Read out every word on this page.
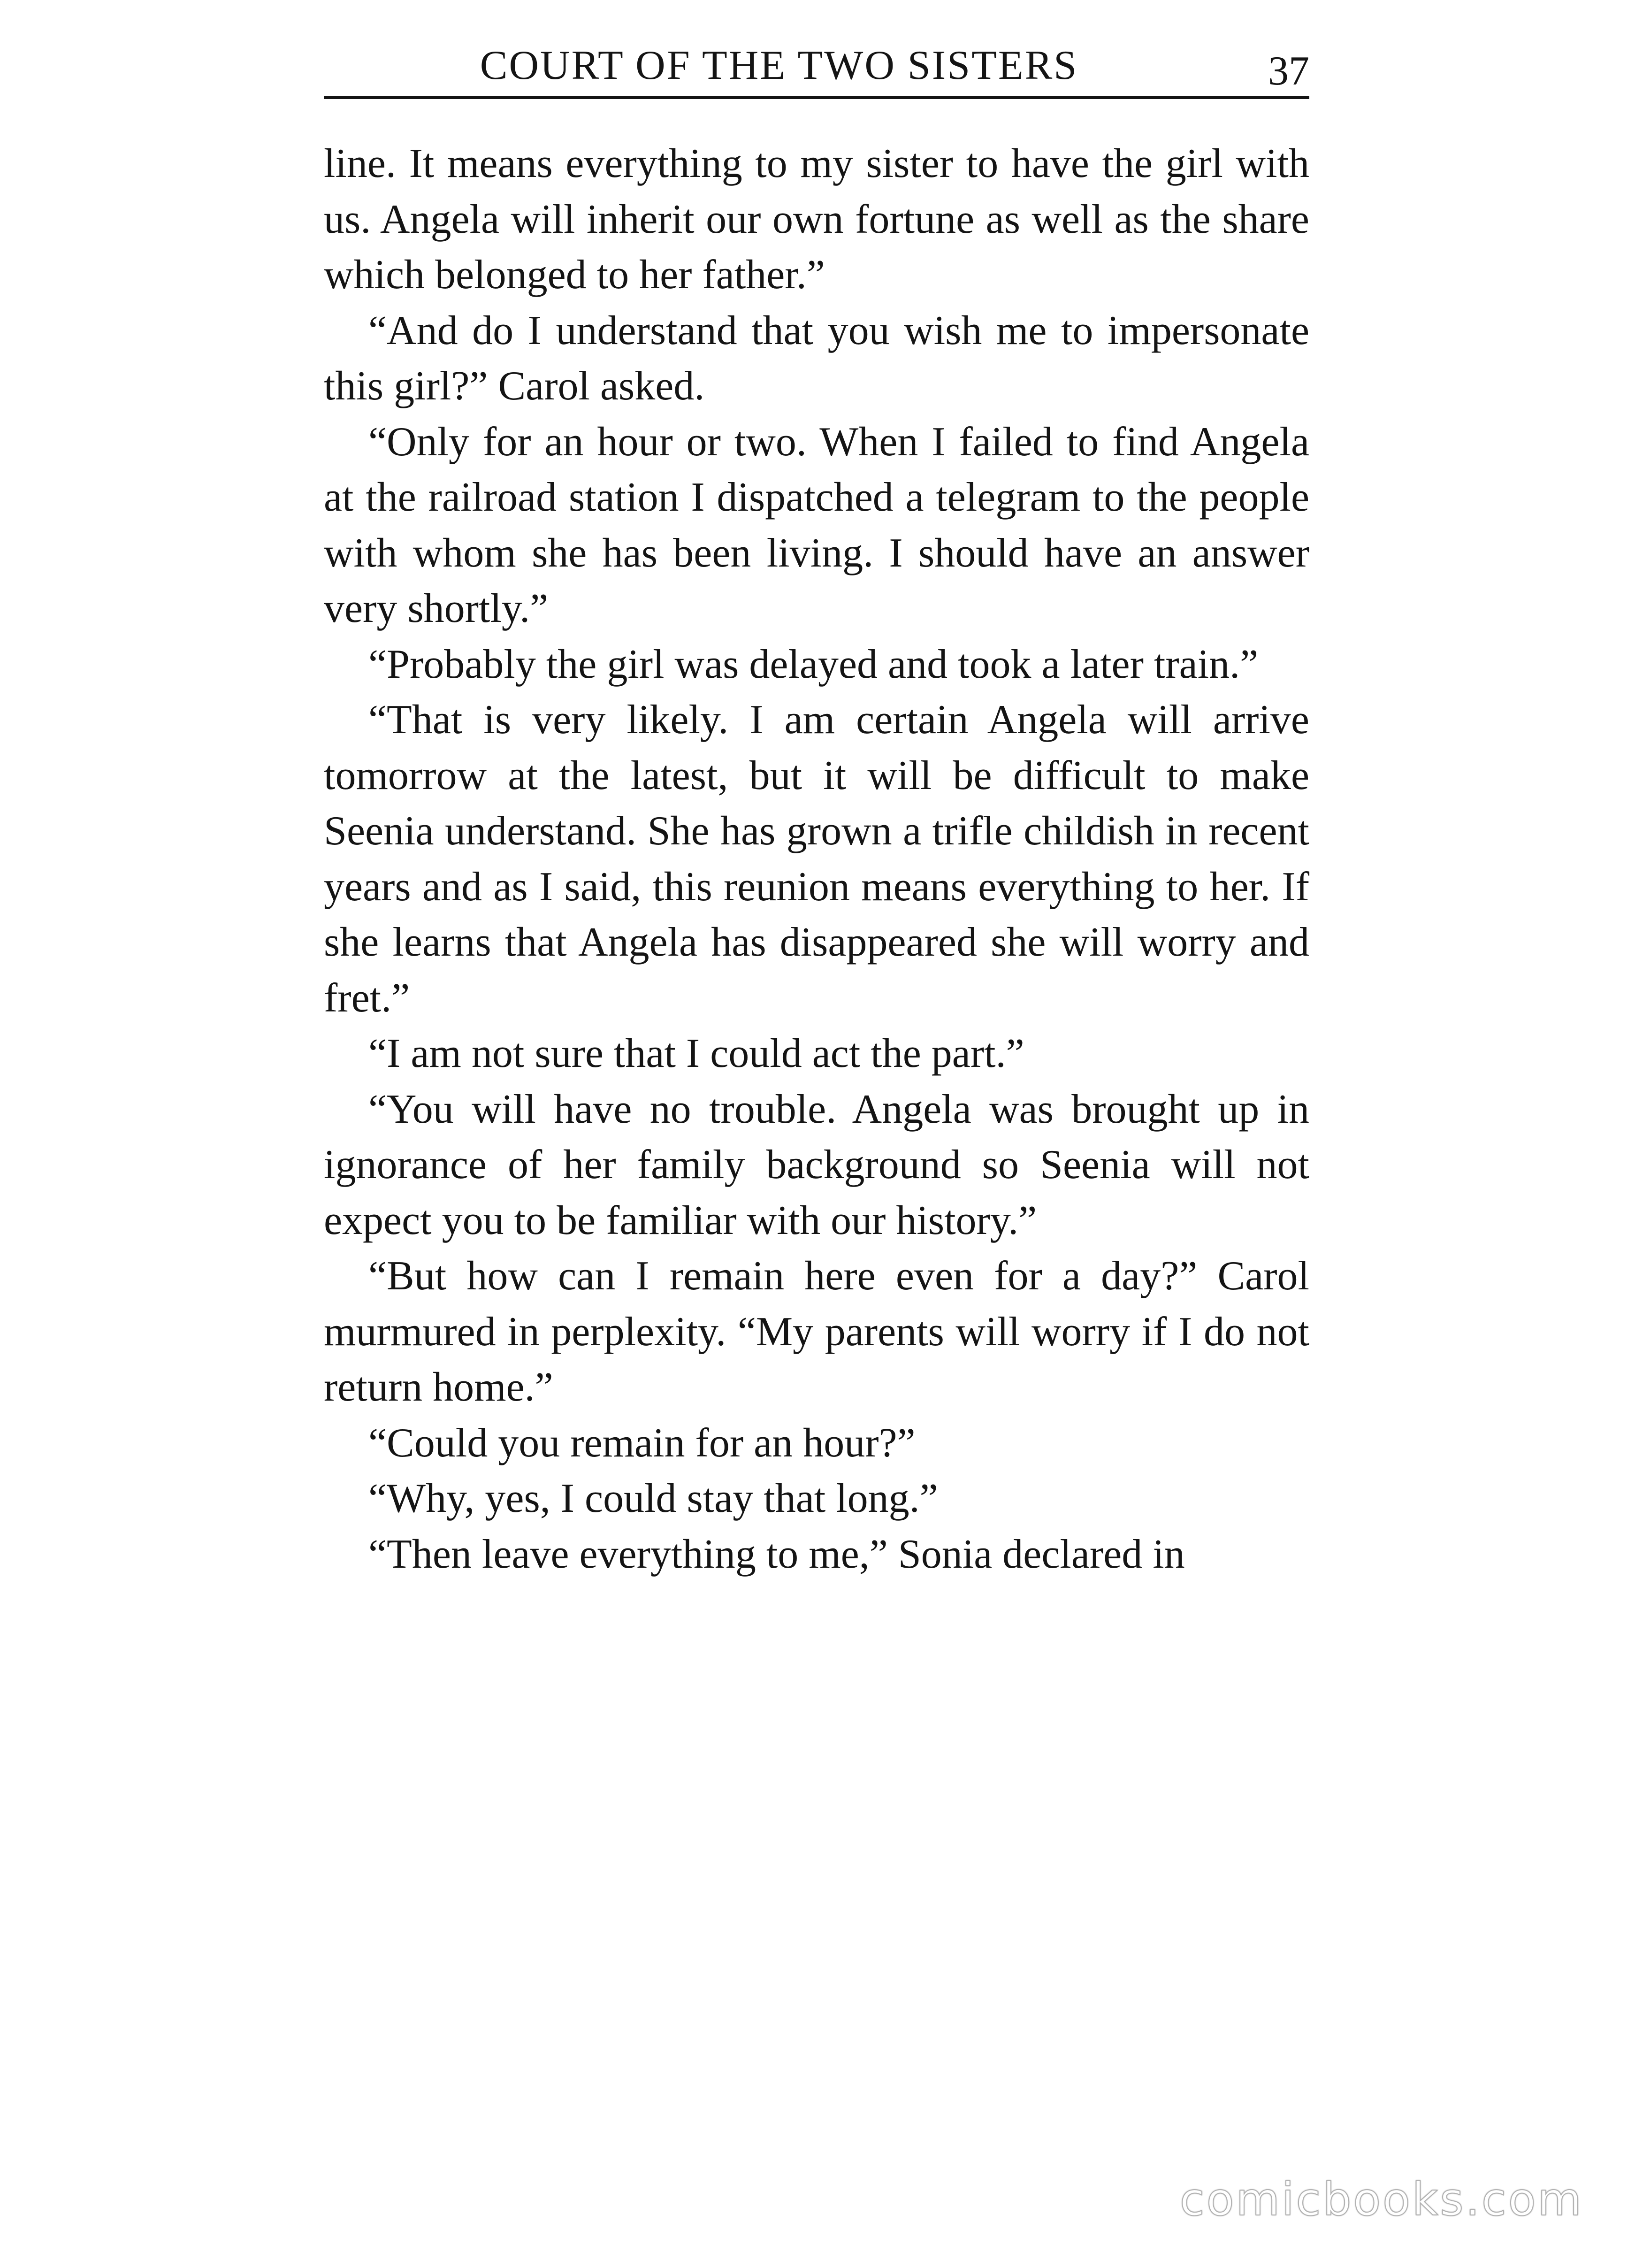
COURT OF THE TWO SISTERS	37

line. It means everything to my sister to have the girl with us. Angela will inherit our own fortune as well as the share which belonged to her father.”

“And do I understand that you wish me to impersonate this girl?” Carol asked.

“Only for an hour or two. When I failed to find Angela at the railroad station I dispatched a telegram to the people with whom she has been living. I should have an answer very shortly.”

“Probably the girl was delayed and took a later train.”

“That is very likely. I am certain Angela will arrive tomorrow at the latest, but it will be difficult to make Seenia understand. She has grown a trifle childish in recent years and as I said, this reunion means everything to her. If she learns that Angela has disappeared she will worry and fret.”

“I am not sure that I could act the part.”

“You will have no trouble. Angela was brought up in ignorance of her family background so Seenia will not expect you to be familiar with our history.”

“But how can I remain here even for a day?” Carol murmured in perplexity. “My parents will worry if I do not return home.”

“Could you remain for an hour?”

“Why, yes, I could stay that long.”

“Then leave everything to me,” Sonia declared in

comicbooks.com
